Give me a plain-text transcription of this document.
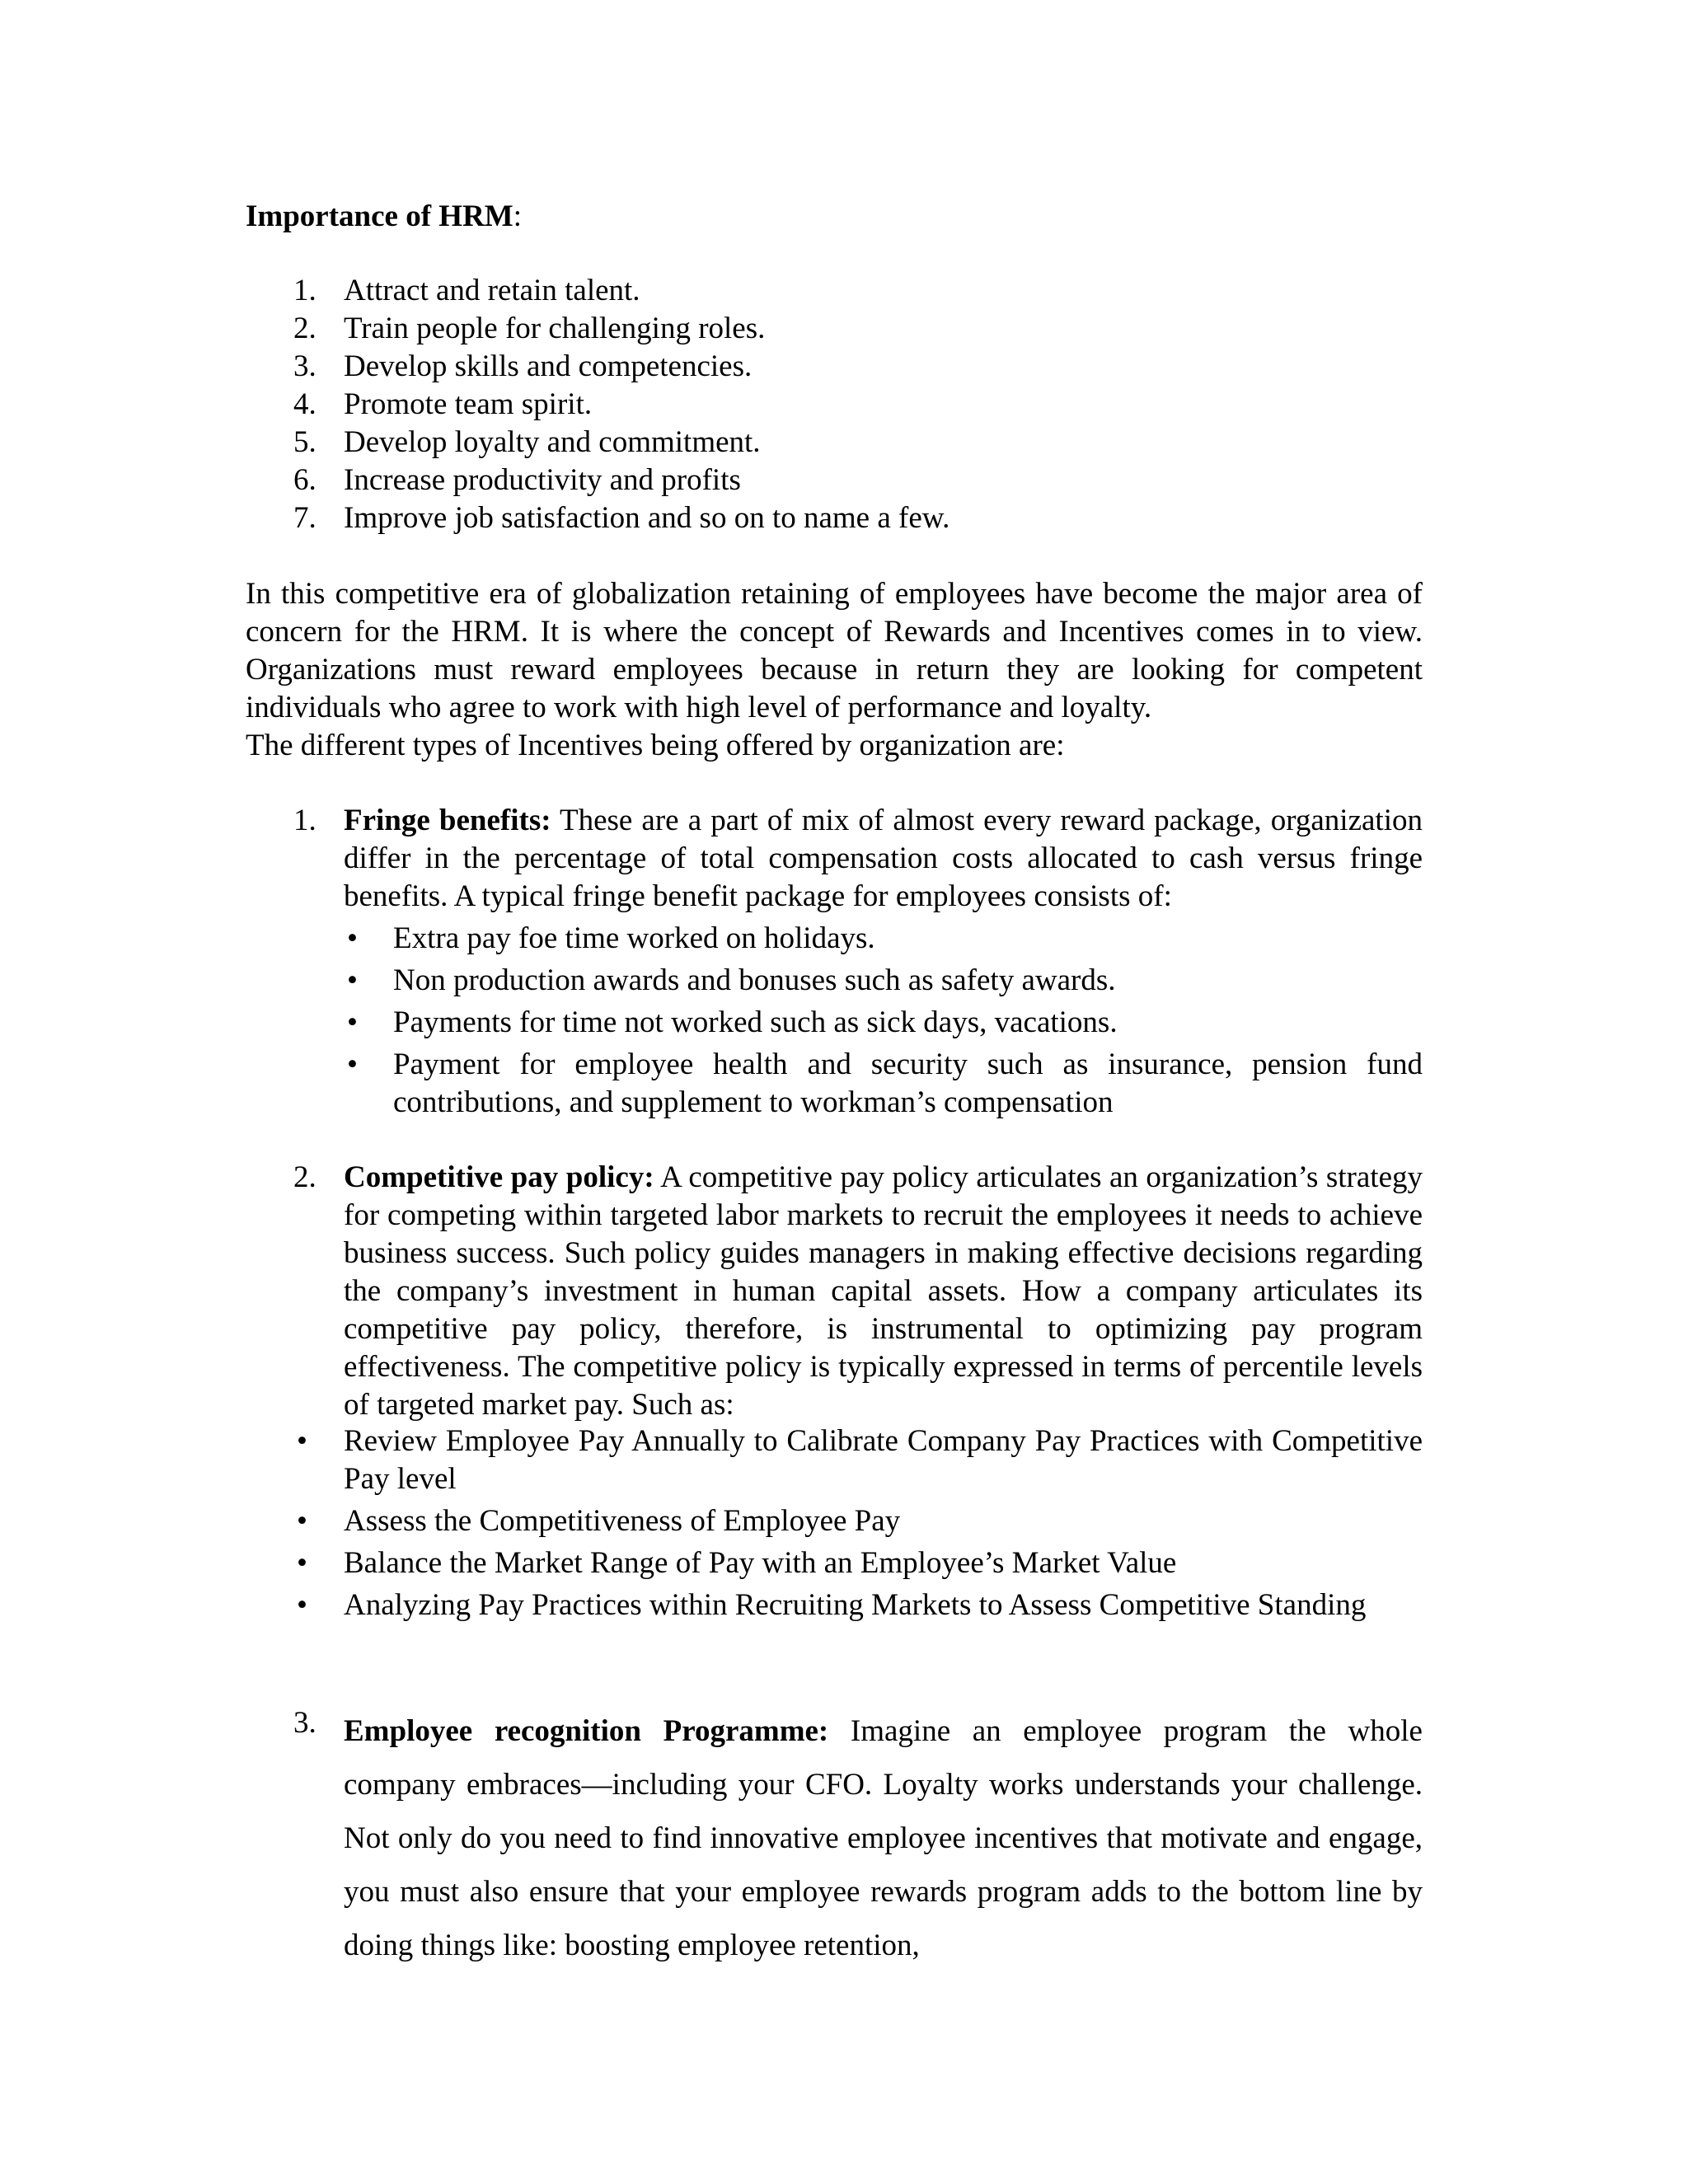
Importance of HRM:
1. Attract and retain talent.
2. Train people for challenging roles.
3. Develop skills and competencies.
4. Promote team spirit.
5. Develop loyalty and commitment.
6. Increase productivity and profits
7. Improve job satisfaction and so on to name a few.
In this competitive era of globalization retaining of employees have become the major area of concern for the HRM. It is where the concept of Rewards and Incentives comes in to view. Organizations must reward employees because in return they are looking for competent individuals who agree to work with high level of performance and loyalty.
The different types of Incentives being offered by organization are:
1. Fringe benefits: These are a part of mix of almost every reward package, organization differ in the percentage of total compensation costs allocated to cash versus fringe benefits. A typical fringe benefit package for employees consists of:
• Extra pay foe time worked on holidays.
• Non production awards and bonuses such as safety awards.
• Payments for time not worked such as sick days, vacations.
• Payment for employee health and security such as insurance, pension fund contributions, and supplement to workman’s compensation
2. Competitive pay policy: A competitive pay policy articulates an organization’s strategy for competing within targeted labor markets to recruit the employees it needs to achieve business success. Such policy guides managers in making effective decisions regarding the company’s investment in human capital assets. How a company articulates its competitive pay policy, therefore, is instrumental to optimizing pay program effectiveness. The competitive policy is typically expressed in terms of percentile levels of targeted market pay. Such as:
• Review Employee Pay Annually to Calibrate Company Pay Practices with Competitive Pay level
• Assess the Competitiveness of Employee Pay
• Balance the Market Range of Pay with an Employee’s Market Value
• Analyzing Pay Practices within Recruiting Markets to Assess Competitive Standing
3. Employee recognition Programme: Imagine an employee program the whole company embraces—including your CFO. Loyalty works understands your challenge. Not only do you need to find innovative employee incentives that motivate and engage, you must also ensure that your employee rewards program adds to the bottom line by doing things like: boosting employee retention,
